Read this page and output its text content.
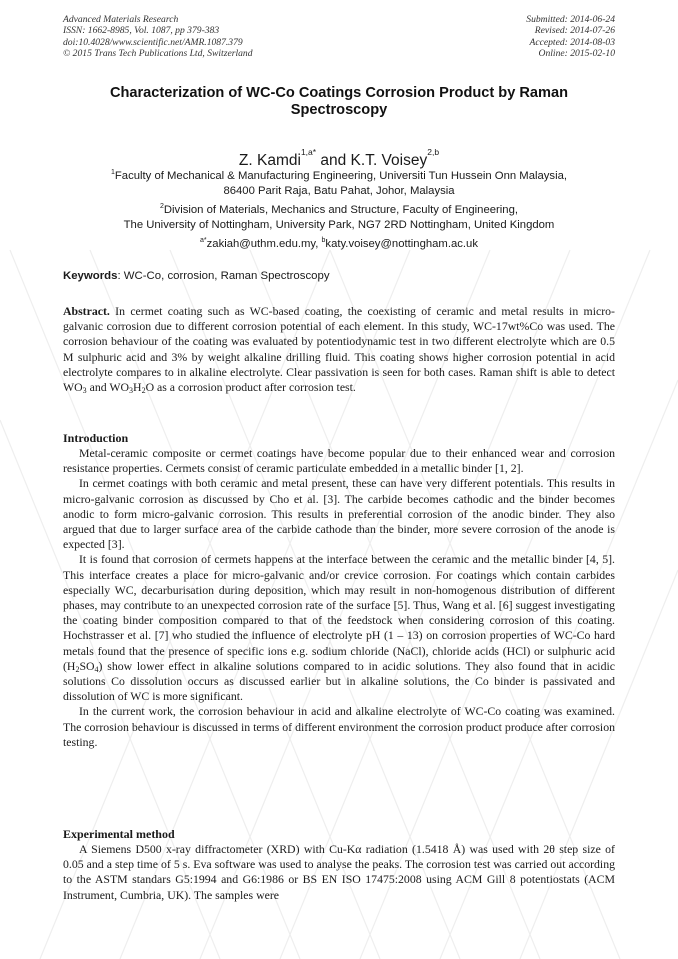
Advanced Materials Research
ISSN: 1662-8985, Vol. 1087, pp 379-383
doi:10.4028/www.scientific.net/AMR.1087.379
© 2015 Trans Tech Publications Ltd, Switzerland
Submitted: 2014-06-24
Revised: 2014-07-26
Accepted: 2014-08-03
Online: 2015-02-10
Characterization of WC-Co Coatings Corrosion Product by Raman Spectroscopy
Z. Kamdi$^{1,a*}$ and K.T. Voisey$^{2,b}$
$^1$Faculty of Mechanical & Manufacturing Engineering, Universiti Tun Hussein Onn Malaysia,
86400 Parit Raja, Batu Pahat, Johor, Malaysia
$^2$Division of Materials, Mechanics and Structure, Faculty of Engineering,
The University of Nottingham, University Park, NG7 2RD Nottingham, United Kingdom
$^{a*}$zakiah@uthm.edu.my, $^b$katy.voisey@nottingham.ac.uk
Keywords: WC-Co, corrosion, Raman Spectroscopy

Abstract. In cermet coating such as WC-based coating, the coexisting of ceramic and metal results in micro-galvanic corrosion due to different corrosion potential of each element. In this study, WC-17wt%Co was used. The corrosion behaviour of the coating was evaluated by potentiodynamic test in two different electrolyte which are 0.5 M sulphuric acid and 3% by weight alkaline drilling fluid. This coating shows higher corrosion potential in acid electrolyte compares to in alkaline electrolyte. Clear passivation is seen for both cases. Raman shift is able to detect $WO_3$ and $WO_3H_2O$ as a corrosion product after corrosion test.

Introduction

Metal-ceramic composite or cermet coatings have become popular due to their enhanced wear and corrosion resistance properties. Cermets consist of ceramic particulate embedded in a metallic binder [1, 2].

In cermet coatings with both ceramic and metal present, these can have very different potentials. This results in micro-galvanic corrosion as discussed by Cho et al. [3]. The carbide becomes cathodic and the binder becomes anodic to form micro-galvanic corrosion. This results in preferential corrosion of the anodic binder. They also argued that due to larger surface area of the carbide cathode than the binder, more severe corrosion of the anode is expected [3].

It is found that corrosion of cermets happens at the interface between the ceramic and the metallic binder [4, 5]. This interface creates a place for micro-galvanic and/or crevice corrosion. For coatings which contain carbides especially WC, decarburisation during deposition, which may result in non-homogenous distribution of different phases, may contribute to an unexpected corrosion rate of the surface [5]. Thus, Wang et al. [6] suggest investigating the coating binder composition compared to that of the feedstock when considering corrosion of this coating. Hochstrasser et al. [7] who studied the influence of electrolyte pH (1 – 13) on corrosion properties of WC-Co hard metals found that the presence of specific ions e.g. sodium chloride (NaCl), chloride acids (HCl) or sulphuric acid $(H_2SO_4)$ show lower effect in alkaline solutions compared to in acidic solutions. They also found that in acidic solutions Co dissolution occurs as discussed earlier but in alkaline solutions, the Co binder is passivated and dissolution of WC is more significant.

In the current work, the corrosion behaviour in acid and alkaline electrolyte of WC-Co coating was examined. The corrosion behaviour is discussed in terms of different environment the corrosion product produce after corrosion testing.

Experimental method

A Siemens D500 x-ray diffractometer (XRD) with Cu-Kα radiation (1.5418 Å) was used with 2θ step size of 0.05 and a step time of 5 s. Eva software was used to analyse the peaks. The corrosion test was carried out according to the ASTM standars G5:1994 and G6:1986 or BS EN ISO 17475:2008 using ACM Gill 8 potentiostats (ACM Instrument, Cumbria, UK). The samples were
